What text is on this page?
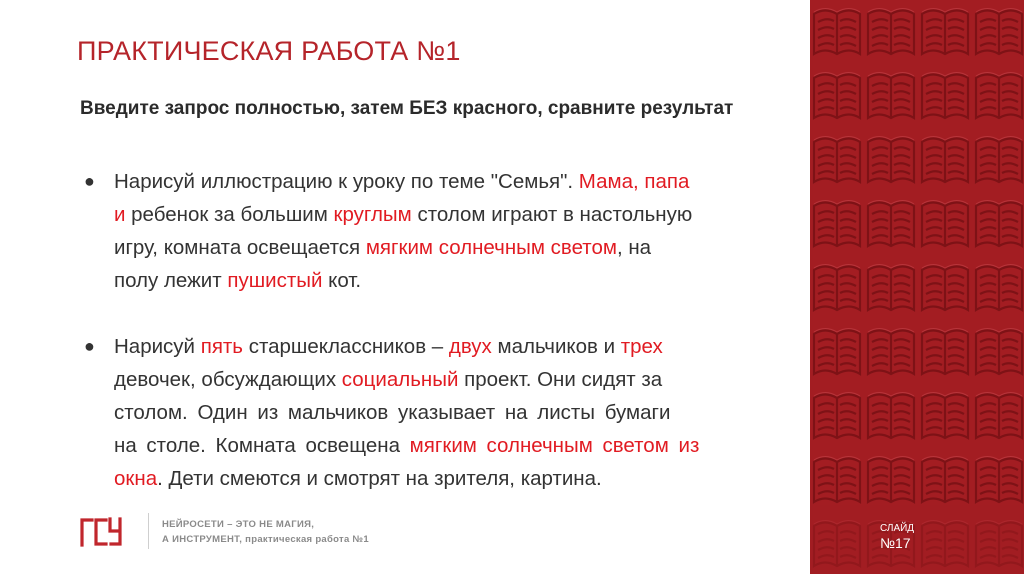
ПРАКТИЧЕСКАЯ РАБОТА №1
Введите запрос полностью, затем БЕЗ красного, сравните результат
● Нарисуй иллюстрацию к уроку по теме "Семья". Мама, папа
и ребенок за большим круглым столом играют в настольную
игру, комната освещается мягким солнечным светом, на
полу лежит пушистый кот.
● Нарисуй пять старшеклассников – двух мальчиков и трех
девочек, обсуждающих социальный проект. Они сидят за
столом. Один из мальчиков указывает на листы бумаги
на столе. Комната освещена мягким солнечным светом из
окна. Дети смеются и смотрят на зрителя, картина.
ГСУ
НЕЙРОСЕТИ – ЭТО НЕ МАГИЯ,
А ИНСТРУМЕНТ, практическая работа №1
СЛАЙД
№17
